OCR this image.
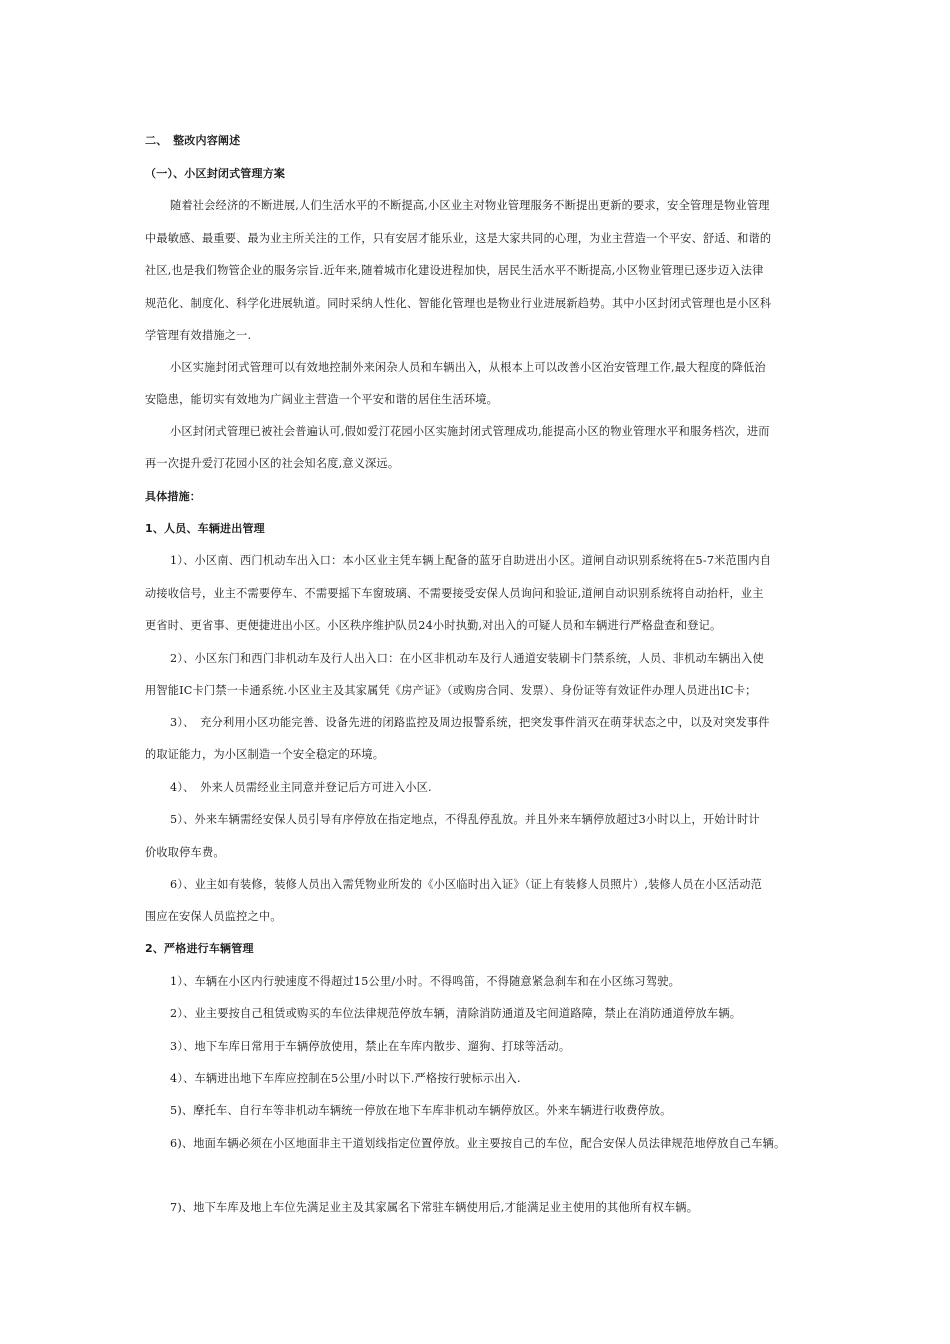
二、　整改内容阐述
（一）、小区封闭式管理方案
随着社会经济的不断进展,人们生活水平的不断提高,小区业主对物业管理服务不断提出更新的要求，安全管理是物业管理
中最敏感、最重要、最为业主所关注的工作，只有安居才能乐业，这是大家共同的心理，为业主营造一个平安、舒适、和谐的
社区,也是我们物管企业的服务宗旨.近年来,随着城市化建设进程加快，居民生活水平不断提高,小区物业管理已逐步迈入法律
规范化、制度化、科学化进展轨道。同时采纳人性化、智能化管理也是物业行业进展新趋势。其中小区封闭式管理也是小区科
学管理有效措施之一.
小区实施封闭式管理可以有效地控制外来闲杂人员和车辆出入，从根本上可以改善小区治安管理工作,最大程度的降低治
安隐患，能切实有效地为广阔业主营造一个平安和谐的居住生活环境。
小区封闭式管理已被社会普遍认可,假如爱汀花园小区实施封闭式管理成功,能提高小区的物业管理水平和服务档次，进而
再一次提升爱汀花园小区的社会知名度,意义深远。
具体措施：
1、人员、车辆进出管理
1）、小区南、西门机动车出入口：本小区业主凭车辆上配备的蓝牙自助进出小区。道闸自动识别系统将在5-7米范围内自
动接收信号，业主不需要停车、不需要摇下车窗玻璃、不需要接受安保人员询问和验证,道闸自动识别系统将自动抬杆，业主
更省时、更省事、更便捷进出小区。小区秩序维护队员24小时执勤,对出入的可疑人员和车辆进行严格盘查和登记。
2）、小区东门和西门非机动车及行人出入口：在小区非机动车及行人通道安装刷卡门禁系统，人员、非机动车辆出入使
用智能IC卡门禁一卡通系统.小区业主及其家属凭《房产证》（或购房合同、发票）、身份证等有效证件办理人员进出IC卡；
3）、　充分利用小区功能完善、设备先进的闭路监控及周边报警系统，把突发事件消灭在萌芽状态之中，以及对突发事件
的取证能力，为小区制造一个安全稳定的环境。
4）、　外来人员需经业主同意并登记后方可进入小区.
5）、外来车辆需经安保人员引导有序停放在指定地点，不得乱停乱放。并且外来车辆停放超过3小时以上，开始计时计
价收取停车费。
6）、业主如有装修，装修人员出入需凭物业所发的《小区临时出入证》（证上有装修人员照片）,装修人员在小区活动范
围应在安保人员监控之中。
2、严格进行车辆管理
1）、车辆在小区内行驶速度不得超过15公里/小时。不得鸣笛，不得随意紧急刹车和在小区练习驾驶。
2）、业主要按自己租赁或购买的车位法律规范停放车辆，清除消防通道及宅间道路障，禁止在消防通道停放车辆。
3）、地下车库日常用于车辆停放使用，禁止在车库内散步、遛狗、打球等活动。
4）、车辆进出地下车库应控制在5公里/小时以下.严格按行驶标示出入.
5)、摩托车、自行车等非机动车辆统一停放在地下车库非机动车辆停放区。外来车辆进行收费停放。
6)、地面车辆必须在小区地面非主干道划线指定位置停放。业主要按自己的车位，配合安保人员法律规范地停放自己车辆。
7)、地下车库及地上车位先满足业主及其家属名下常驻车辆使用后,才能满足业主使用的其他所有权车辆。
